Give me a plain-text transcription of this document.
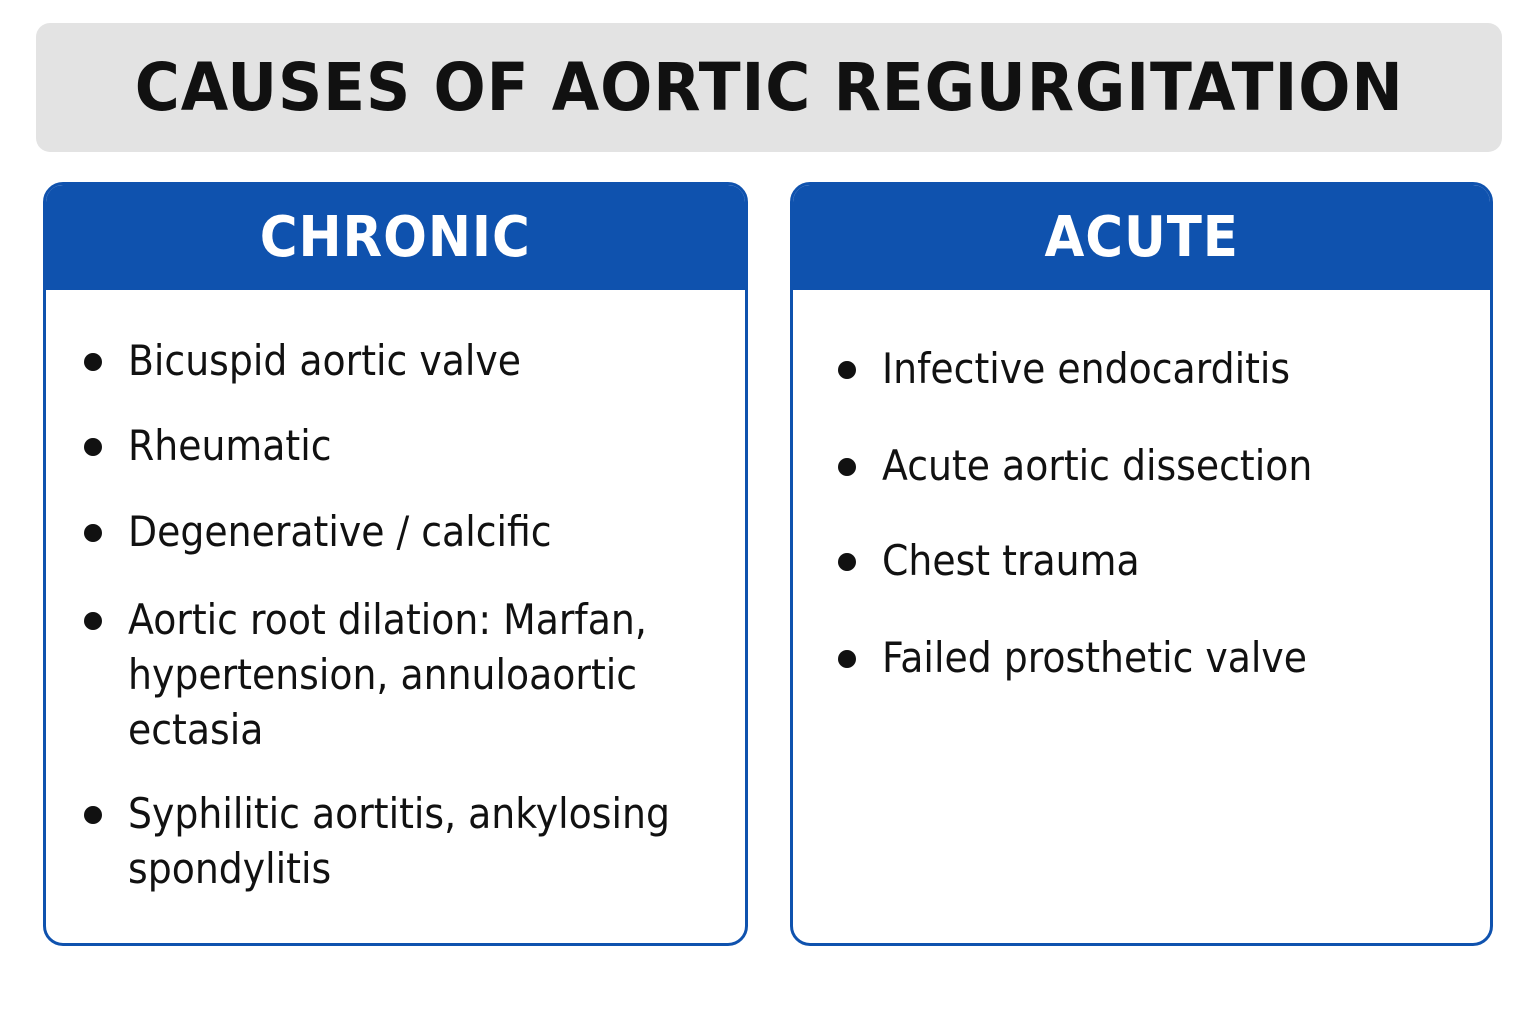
CAUSES OF AORTIC REGURGITATION
CHRONIC
Bicuspid aortic valve
Rheumatic
Degenerative / calcific
Aortic root dilation: Marfan,
hypertension, annuloaortic
ectasia
Syphilitic aortitis, ankylosing
spondylitis
ACUTE
Infective endocarditis
Acute aortic dissection
Chest trauma
Failed prosthetic valve
